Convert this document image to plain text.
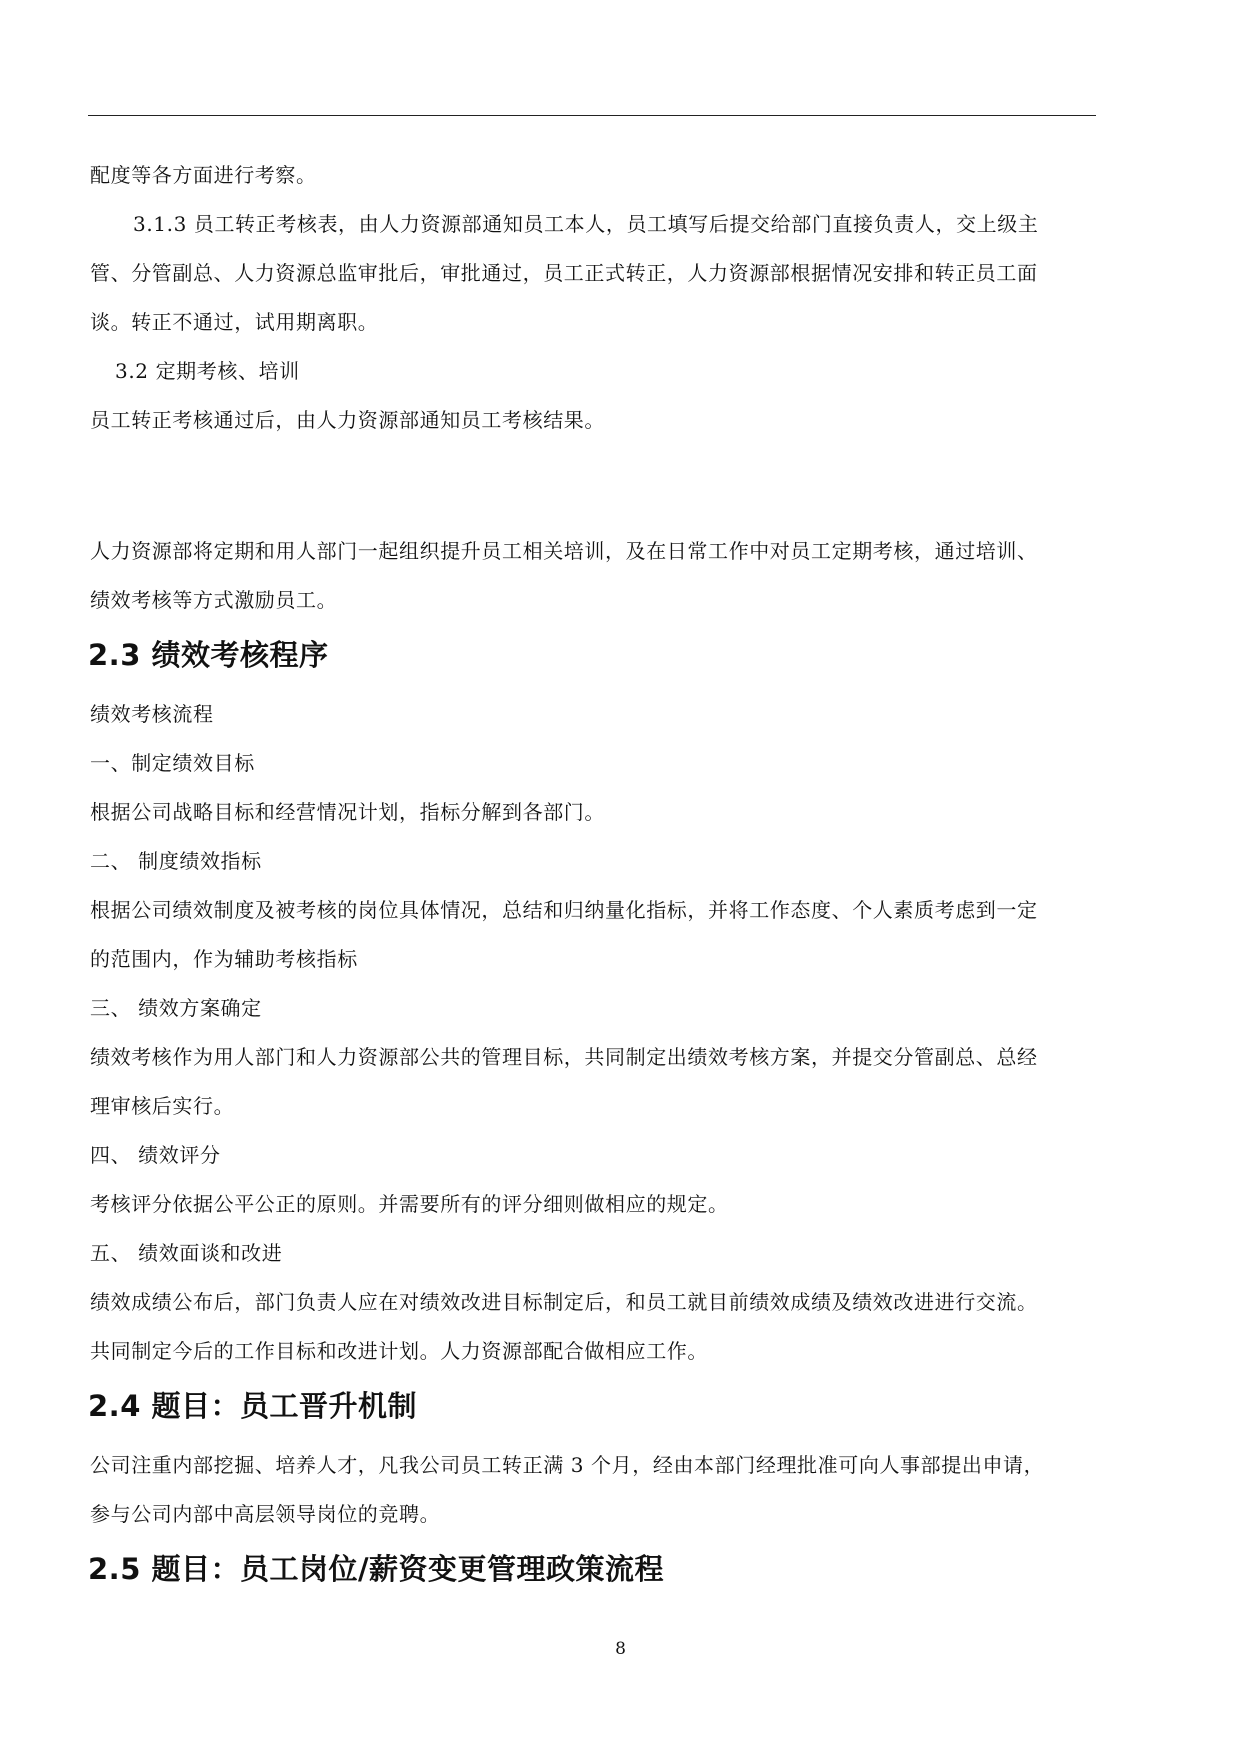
配度等各方面进行考察。
3.1.3 员工转正考核表，由人力资源部通知员工本人，员工填写后提交给部门直接负责人，交上级主
管、分管副总、人力资源总监审批后，审批通过，员工正式转正，人力资源部根据情况安排和转正员工面
谈。转正不通过，试用期离职。
3.2 定期考核、培训
员工转正考核通过后，由人力资源部通知员工考核结果。
人力资源部将定期和用人部门一起组织提升员工相关培训，及在日常工作中对员工定期考核，通过培训、
绩效考核等方式激励员工。
2.3 绩效考核程序
绩效考核流程
一、制定绩效目标
根据公司战略目标和经营情况计划，指标分解到各部门。
二、 制度绩效指标
根据公司绩效制度及被考核的岗位具体情况，总结和归纳量化指标，并将工作态度、个人素质考虑到一定
的范围内，作为辅助考核指标
三、 绩效方案确定
绩效考核作为用人部门和人力资源部公共的管理目标，共同制定出绩效考核方案，并提交分管副总、总经
理审核后实行。
四、 绩效评分
考核评分依据公平公正的原则。并需要所有的评分细则做相应的规定。
五、 绩效面谈和改进
绩效成绩公布后，部门负责人应在对绩效改进目标制定后，和员工就目前绩效成绩及绩效改进进行交流。
共同制定今后的工作目标和改进计划。人力资源部配合做相应工作。
2.4 题目：员工晋升机制
公司注重内部挖掘、培养人才，凡我公司员工转正满 3 个月，经由本部门经理批准可向人事部提出申请，
参与公司内部中高层领导岗位的竞聘。
2.5 题目：员工岗位/薪资变更管理政策流程
8
